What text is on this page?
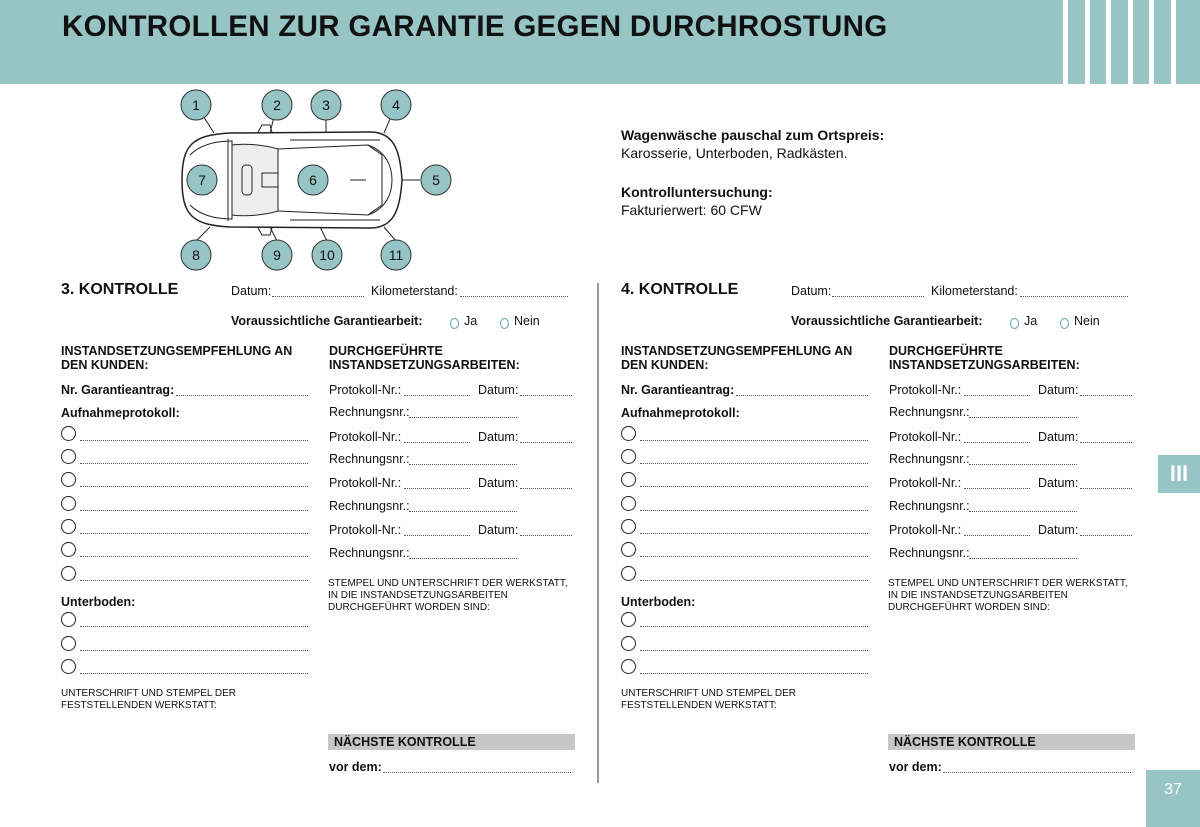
KONTROLLEN ZUR GARANTIE GEGEN DURCHROSTUNG
III
37
1	2	3	4
5
6
7
8	9	10	11
Wagenwäsche pauschal zum Ortspreis:
Karosserie, Unterboden, Radkästen.
Kontrolluntersuchung:
Fakturierwert: 60 CFW
3. KONTROLLE	Datum:	Kilometerstand:
Voraussichtliche Garantiearbeit:	Ja	Nein
INSTANDSETZUNGSEMPFEHLUNG AN
DEN KUNDEN:
Nr. Garantieantrag:
Aufnahmeprotokoll:
Unterboden:
UNTERSCHRIFT UND STEMPEL DER
FESTSTELLENDEN WERKSTATT:
DURCHGEFÜHRTE
INSTANDSETZUNGSARBEITEN:
Protokoll-Nr.:	Datum:
Rechnungsnr.:
Protokoll-Nr.:	Datum:
Rechnungsnr.:
Protokoll-Nr.:	Datum:
Rechnungsnr.:
Protokoll-Nr.:	Datum:
Rechnungsnr.:
STEMPEL UND UNTERSCHRIFT DER WERKSTATT,
IN DIE INSTANDSETZUNGSARBEITEN
DURCHGEFÜHRT WORDEN SIND:
NÄCHSTE KONTROLLE
vor dem:
4. KONTROLLE	Datum:	Kilometerstand:
Voraussichtliche Garantiearbeit:	Ja	Nein
INSTANDSETZUNGSEMPFEHLUNG AN
DEN KUNDEN:
Nr. Garantieantrag:
Aufnahmeprotokoll:
Unterboden:
UNTERSCHRIFT UND STEMPEL DER
FESTSTELLENDEN WERKSTATT:
DURCHGEFÜHRTE
INSTANDSETZUNGSARBEITEN:
Protokoll-Nr.:	Datum:
Rechnungsnr.:
Protokoll-Nr.:	Datum:
Rechnungsnr.:
Protokoll-Nr.:	Datum:
Rechnungsnr.:
Protokoll-Nr.:	Datum:
Rechnungsnr.:
STEMPEL UND UNTERSCHRIFT DER WERKSTATT,
IN DIE INSTANDSETZUNGSARBEITEN
DURCHGEFÜHRT WORDEN SIND:
NÄCHSTE KONTROLLE
vor dem:
